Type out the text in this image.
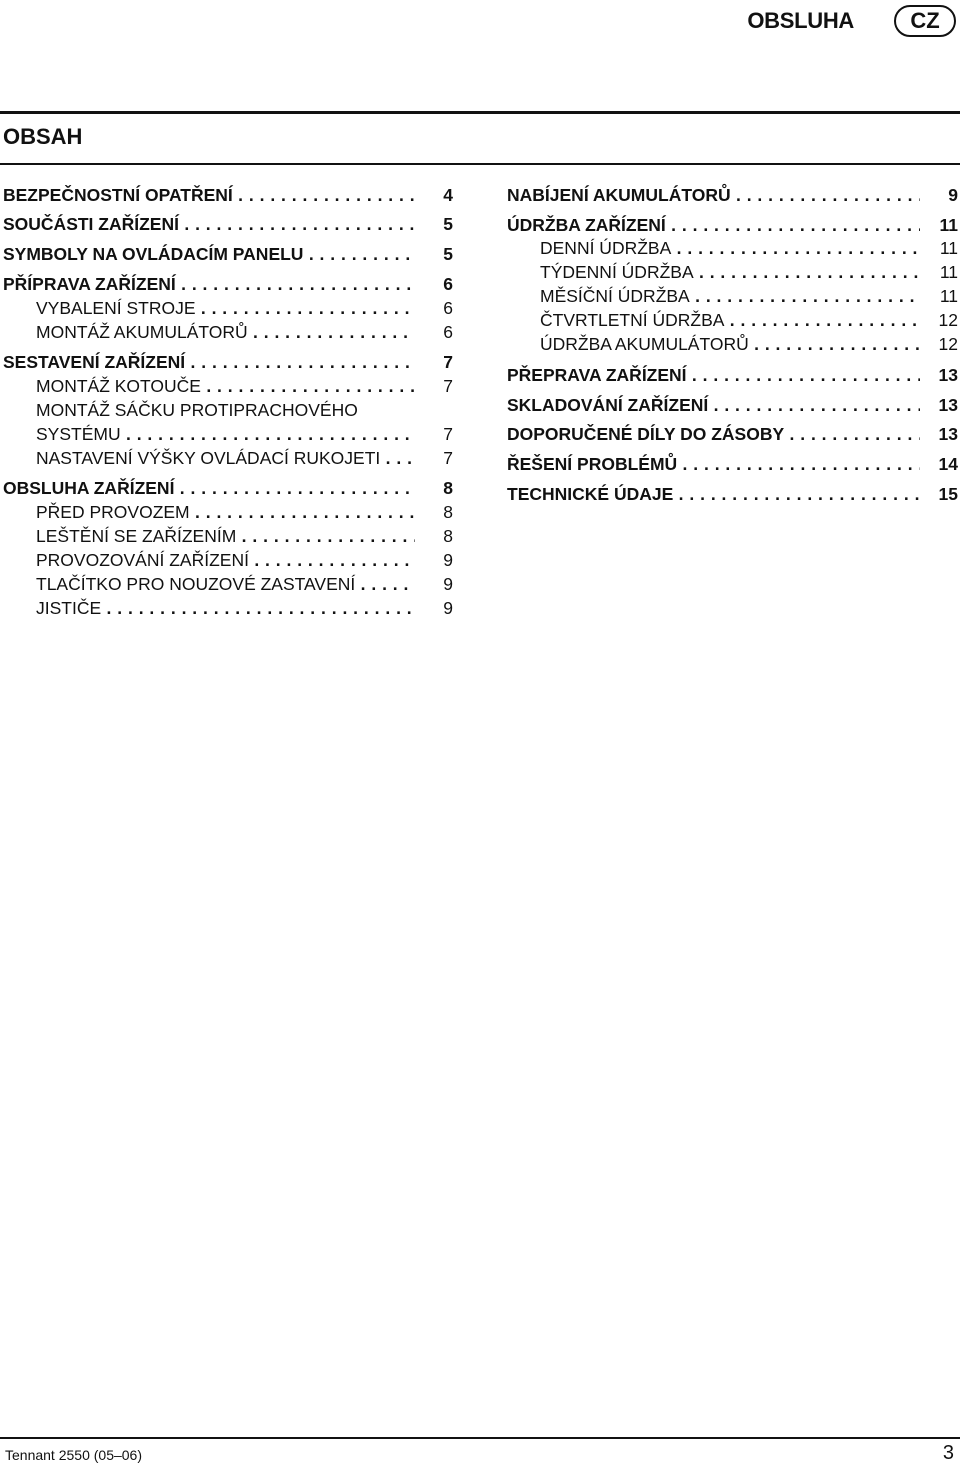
OBSLUHA	CZ
OBSAH
BEZPEČNOSTNÍ OPATŘENÍ . . .	4
SOUČÁSTI ZAŘÍZENÍ . . .	5
SYMBOLY NA OVLÁDACÍM PANELU . . .	5
PŘÍPRAVA ZAŘÍZENÍ . . .	6
VYBALENÍ STROJE . . .	6
MONTÁŽ AKUMULÁTORŮ . . .	6
SESTAVENÍ ZAŘÍZENÍ . . .	7
MONTÁŽ KOTOUČE . . .	7
MONTÁŽ SÁČKU PROTIPRACHOVÉHO
SYSTÉMU . . .	7
NASTAVENÍ VÝŠKY OVLÁDACÍ RUKOJETI . . .	7
OBSLUHA ZAŘÍZENÍ . . .	8
PŘED PROVOZEM . . .	8
LEŠTĚNÍ SE ZAŘÍZENÍM . . .	8
PROVOZOVÁNÍ ZAŘÍZENÍ . . .	9
TLAČÍTKO PRO NOUZOVÉ ZASTAVENÍ . . .	9
JISTIČE . . .	9
NABÍJENÍ AKUMULÁTORŮ . . .	9
ÚDRŽBA ZAŘÍZENÍ . . .	11
DENNÍ ÚDRŽBA . . .	11
TÝDENNÍ ÚDRŽBA . . .	11
MĚSÍČNÍ ÚDRŽBA . . .	11
ČTVRTLETNÍ ÚDRŽBA . . .	12
ÚDRŽBA AKUMULÁTORŮ . . .	12
PŘEPRAVA ZAŘÍZENÍ . . .	13
SKLADOVÁNÍ ZAŘÍZENÍ . . .	13
DOPORUČENÉ DÍLY DO ZÁSOBY . . .	13
ŘEŠENÍ PROBLÉMŮ . . .	14
TECHNICKÉ ÚDAJE . . .	15
Tennant 2550 (05–06)	3
